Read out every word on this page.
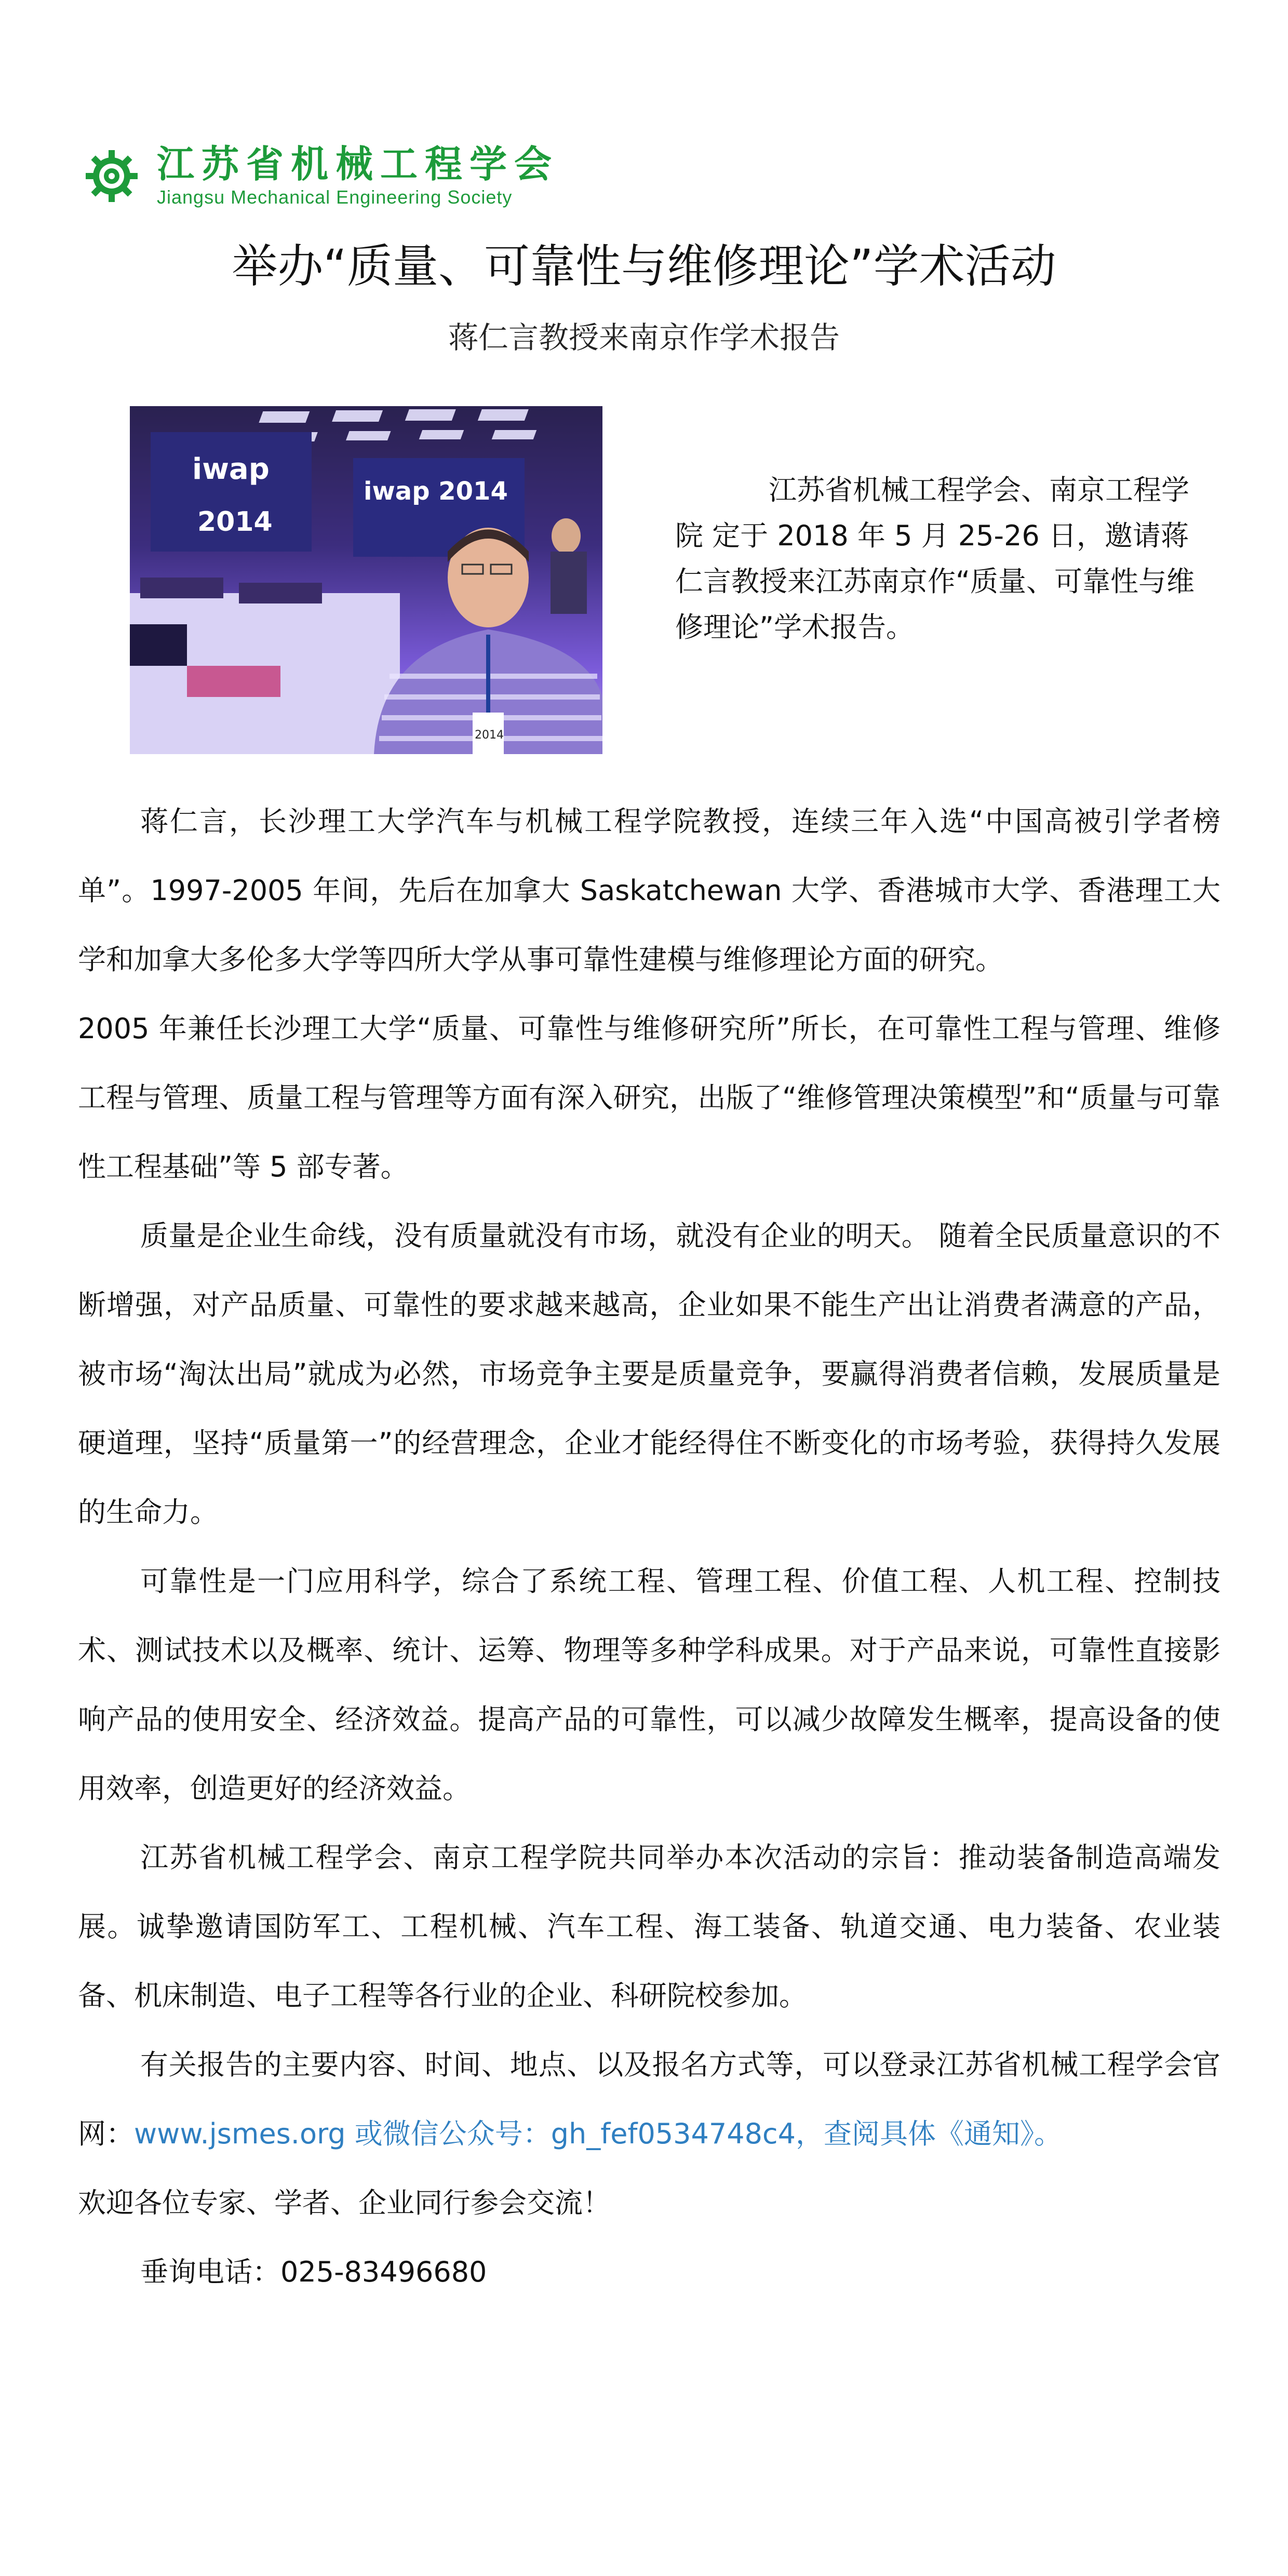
江苏省机械工程学会
Jiangsu Mechanical Engineering Society
举办“质量、可靠性与维修理论”学术活动
蒋仁言教授来南京作学术报告
iwap
2014
iwap 2014
2014
江苏省机械工程学会、南京工程学院 定于 2018 年 5 月 25-26 日，邀请蒋仁言教授来江苏南京作“质量、可靠性与维修理论”学术报告。

蒋仁言，长沙理工大学汽车与机械工程学院教授，连续三年入选“中国高被引学者榜单”。1997-2005 年间，先后在加拿大 Saskatchewan 大学、香港城市大学、香港理工大学和加拿大多伦多大学等四所大学从事可靠性建模与维修理论方面的研究。

2005 年兼任长沙理工大学“质量、可靠性与维修研究所”所长，在可靠性工程与管理、维修工程与管理、质量工程与管理等方面有深入研究，出版了“维修管理决策模型”和“质量与可靠性工程基础”等 5 部专著。

质量是企业生命线，没有质量就没有市场，就没有企业的明天。 随着全民质量意识的不断增强，对产品质量、可靠性的要求越来越高，企业如果不能生产出让消费者满意的产品，被市场“淘汰出局”就成为必然，市场竞争主要是质量竞争，要赢得消费者信赖，发展质量是硬道理，坚持“质量第一”的经营理念，企业才能经得住不断变化的市场考验，获得持久发展的生命力。

可靠性是一门应用科学，综合了系统工程、管理工程、价值工程、人机工程、控制技术、测试技术以及概率、统计、运筹、物理等多种学科成果。对于产品来说，可靠性直接影响产品的使用安全、经济效益。提高产品的可靠性，可以减少故障发生概率，提高设备的使用效率，创造更好的经济效益。

江苏省机械工程学会、南京工程学院共同举办本次活动的宗旨：推动装备制造高端发展。诚挚邀请国防军工、工程机械、汽车工程、海工装备、轨道交通、电力装备、农业装备、机床制造、电子工程等各行业的企业、科研院校参加。

有关报告的主要内容、时间、地点、以及报名方式等，可以登录江苏省机械工程学会官网：www.jsmes.org 或微信公众号：gh_fef0534748c4，查阅具体《通知》。

欢迎各位专家、学者、企业同行参会交流！

垂询电话：025-83496680
